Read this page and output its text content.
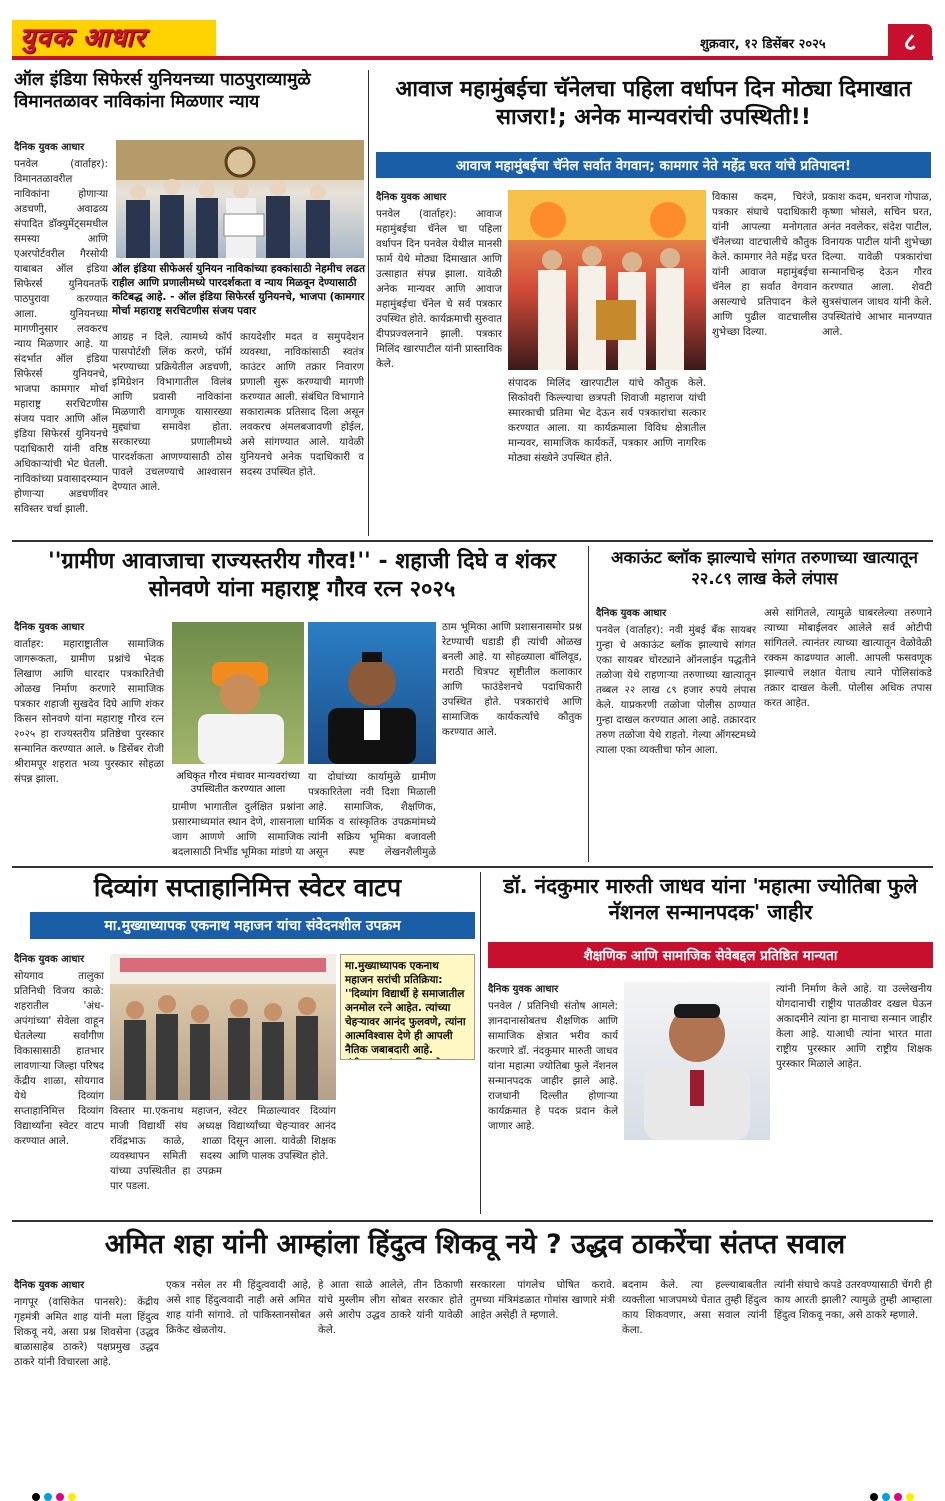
युवक आधार	शुक्रवार, १२ डिसेंबर २०२५	८
ऑल इंडिया सिफेरर्स युनियनच्या पाठपुराव्यामुळे विमानतळावर नाविकांना मिळणार न्याय
दैनिक युवक आधार
पनवेल (वार्ताहर): विमानतळावरील नाविकांना होणाऱ्या अडचणी, अवाढव्य संपादित डॉक्युमेंट्समधील समस्या आणि एअरपोर्टवरील गैरसोयी याबाबत ऑल इंडिया सिफेरर्स युनियनतर्फे पाठपुरावा करण्यात आला. युनियनच्या मागणीनुसार लवकरच न्याय मिळणार आहे. या संदर्भात ऑल इंडिया सिफेरर्स युनियनचे, भाजपा कामगार मोर्चा महाराष्ट्र सरचिटणीस संजय पवार आणि ऑल इंडिया सिफेरर्स युनियनचे पदाधिकारी यांनी वरिष्ठ अधिकाऱ्यांची भेट घेतली. नाविकांच्या प्रवासादरम्यान होणाऱ्या अडचणींवर सविस्तर चर्चा झाली.
ऑल इंडिया सीफेअर्स युनियन नाविकांच्या हक्कांसाठी नेहमीच लढत राहील आणि प्रणालीमध्ये पारदर्शकता व न्याय मिळवून देण्यासाठी कटिबद्ध आहे. - ऑल इंडिया सिफेरर्स युनियनचे, भाजपा (कामगार मोर्चा महाराष्ट्र सरचिटणीस संजय पवार
आग्रह न दिले. त्यामध्ये कॉर्प पासपोर्टशी लिंक करणे, फॉर्म भरण्याच्या प्रक्रियेतील अडचणी, इमिग्रेशन विभागातील विलंब आणि प्रवासी नाविकांना मिळणारी वागणूक यासारख्या मुद्द्यांचा समावेश होता. सरकारच्या प्रणालीमध्ये पारदर्शकता आणण्यासाठी ठोस पावले उचलण्याचे आश्वासन देण्यात आले.
कायदेशीर मदत व समुपदेशन व्यवस्था, नाविकांसाठी स्वतंत्र काउंटर आणि तक्रार निवारण प्रणाली सुरू करण्याची मागणी करण्यात आली. संबंधित विभागाने सकारात्मक प्रतिसाद दिला असून लवकरच अंमलबजावणी होईल, असे सांगण्यात आले. यावेळी युनियनचे अनेक पदाधिकारी व सदस्य उपस्थित होते.
आवाज महामुंबईचा चॅनेलचा पहिला वर्धापन दिन मोठ्या दिमाखात साजरा!; अनेक मान्यवरांची उपस्थिती!!
आवाज महामुंबईचा चॅनेल सर्वात वेगवान; कामगार नेते महेंद्र घरत यांचे प्रतिपादन!
दैनिक युवक आधार
पनवेल (वार्ताहर): आवाज महामुंबईचा चॅनेल चा पहिला वर्धापन दिन पनवेल येथील मानसी फार्म येथे मोठ्या दिमाखात आणि उत्साहात संपन्न झाला. यावेळी अनेक मान्यवर आणि आवाज महामुंबईचा चॅनेल चे सर्व पत्रकार उपस्थित होते. कार्यक्रमाची सुरुवात दीपप्रज्वलनाने झाली. पत्रकार मिलिंद खारपाटील यांनी प्रास्ताविक केले.
संपादक मिलिंद खारपाटील यांचे कौतुक केले. सिकोवरी किल्ल्याचा छत्रपती शिवाजी महाराज यांची स्मारकाची प्रतिमा भेट देऊन सर्व पत्रकारांचा सत्कार करण्यात आला. या कार्यक्रमाला विविध क्षेत्रातील मान्यवर, सामाजिक कार्यकर्ते, पत्रकार आणि नागरिक मोठ्या संख्येने उपस्थित होते.
विकास कदम, चिरंजे, पत्रकार संघाचे पदाधिकारी यांनी आपल्या मनोगतात चॅनेलच्या वाटचालीचे कौतुक केले. कामगार नेते महेंद्र घरत यांनी आवाज महामुंबईचा चॅनेल हा सर्वात वेगवान असल्याचे प्रतिपादन केले आणि पुढील वाटचालीस शुभेच्छा दिल्या.
प्रकाश कदम, धनराज गोपाळ, कृष्णा भोसले, सचिन घरत, अनंत नवलेकर, संदेश पाटील, विनायक पाटील यांनी शुभेच्छा दिल्या. यावेळी पत्रकारांचा सन्मानचिन्ह देऊन गौरव करण्यात आला. शेवटी सुत्रसंचालन जाधव यांनी केले. उपस्थितांचे आभार मानण्यात आले.
''ग्रामीण आवाजाचा राज्यस्तरीय गौरव!'' - शहाजी दिघे व शंकर सोनवणे यांना महाराष्ट्र गौरव रत्न २०२५
दैनिक युवक आधार
वार्ताहर: महाराष्ट्रातील सामाजिक जागरूकता, ग्रामीण प्रश्नांचे भेदक लिखाण आणि धारदार पत्रकारितेची ओळख निर्माण करणारे सामाजिक पत्रकार शहाजी सुखदेव दिघे आणि शंकर किसन सोनवणे यांना महाराष्ट्र गौरव रत्न २०२५ हा राज्यस्तरीय प्रतिष्ठेचा पुरस्कार सन्मानित करण्यात आले. ७ डिसेंबर रोजी श्रीरामपूर शहरात भव्य पुरस्कार सोहळा संपन्न झाला.	अधिकृत गौरव मंचावर मान्यवरांच्या उपस्थितीत करण्यात आला
ग्रामीण भागातील दुर्लक्षित प्रश्नांना प्रसारमाध्यमांत स्थान देणे, शासनाला जाग आणणे आणि सामाजिक बदलासाठी निर्भीड भूमिका मांडणे या
या दोघांच्या कार्यामुळे ग्रामीण पत्रकारितेला नवी दिशा मिळाली आहे. सामाजिक, शैक्षणिक, धार्मिक व सांस्कृतिक उपक्रमांमध्ये त्यांनी सक्रिय भूमिका बजावली असून स्पष्ट लेखनशैलीमुळे
ठाम भूमिका आणि प्रशासनासमोर प्रश्न रेटण्याची धडाडी ही त्यांची ओळख बनली आहे. या सोहळ्याला बॉलिवूड, मराठी चित्रपट सृष्टीतील कलाकार आणि फाउंडेशनचे पदाधिकारी उपस्थित होते. पत्रकारांचे आणि सामाजिक कार्यकर्त्यांचे कौतुक करण्यात आले.
अकाऊंट ब्लॉक झाल्याचे सांगत तरुणाच्या खात्यातून २२.८९ लाख केले लंपास
दैनिक युवक आधार
पनवेल (वार्ताहर): नवी मुंबई बँक सायबर गुन्हा चे अकाऊंट ब्लॉक झाल्याचे सांगत एका सायबर चोरट्याने ऑनलाईन पद्धतीने तळोजा येथे राहणाऱ्या तरुणाच्या खात्यातून तब्बल २२ लाख ८९ हजार रुपये लंपास केले. याप्रकरणी तळोजा पोलीस ठाण्यात गुन्हा दाखल करण्यात आला आहे. तक्रारदार तरुण तळोजा येथे राहतो. गेल्या ऑगस्टमध्ये त्याला एका व्यक्तीचा फोन आला.
असे सांगितले, त्यामुळे घाबरलेल्या तरुणाने त्याच्या मोबाईलवर आलेले सर्व ओटीपी सांगितले. त्यानंतर त्याच्या खात्यातून वेळोवेळी रक्कम काढण्यात आली. आपली फसवणूक झाल्याचे लक्षात येताच त्याने पोलिसांकडे तक्रार दाखल केली. पोलीस अधिक तपास करत आहेत.
दिव्यांग सप्ताहानिमित्त स्वेटर वाटप
मा.मुख्याध्यापक एकनाथ महाजन यांचा संवेदनशील उपक्रम
दैनिक युवक आधार
सोयगाव तालुका प्रतिनिधी विजय काळे: शहरातील 'अंध-अपंगांच्या' सेवेला वाहून घेतलेल्या सर्वांगीण विकासासाठी हातभार लावणाऱ्या जिल्हा परिषद केंद्रीय शाळा, सोयगाव येथे दिव्यांग सप्ताहानिमित्त दिव्यांग विद्यार्थ्यांना स्वेटर वाटप करण्यात आले.
मा.मुख्याध्यापक एकनाथ महाजन सरांची प्रतिक्रिया: ''दिव्यांग विद्यार्थी हे समाजातील अनमोल रत्ने आहेत. त्यांच्या चेहऱ्यावर आनंद फुलवणे, त्यांना आत्मविश्वास देणे ही आपली नैतिक जबाबदारी आहे.
विस्तार मा.एकनाथ महाजन, माजी विद्यार्थी संघ अध्यक्ष रविंद्रभाऊ काळे, शाळा व्यवस्थापन समिती सदस्य यांच्या उपस्थितीत हा उपक्रम पार पडला.
स्वेटर मिळाल्यावर दिव्यांग विद्यार्थ्यांच्या चेहऱ्यावर आनंद दिसून आला. यावेळी शिक्षक आणि पालक उपस्थित होते.
डॉ. नंदकुमार मारुती जाधव यांना 'महात्मा ज्योतिबा फुले नॅशनल सन्मानपदक' जाहीर
शैक्षणिक आणि सामाजिक सेवेबद्दल प्रतिष्ठित मान्यता
दैनिक युवक आधार
पनवेल / प्रतिनिधी संतोष आमले: ज्ञानदानासोबतच शैक्षणिक आणि सामाजिक क्षेत्रात भरीव कार्य करणारे डॉ. नंदकुमार मारुती जाधव यांना महात्मा ज्योतिबा फुले नॅशनल सन्मानपदक जाहीर झाले आहे. राजधानी दिल्लीत होणाऱ्या कार्यक्रमात हे पदक प्रदान केले जाणार आहे.
त्यांनी निर्माण केले आहे. या उल्लेखनीय योगदानाची राष्ट्रीय पातळीवर दखल घेऊन अकादमीने त्यांना हा मानाचा सन्मान जाहीर केला आहे. याआधी त्यांना भारत माता राष्ट्रीय पुरस्कार आणि राष्ट्रीय शिक्षक पुरस्कार मिळाले आहेत.
अमित शहा यांनी आम्हांला हिंदुत्व शिकवू नये ? उद्धव ठाकरेंचा संतप्त सवाल
दैनिक युवक आधार
नागपूर (वासिकेत पानसरे): केंद्रीय गृहमंत्री अमित शाह यांनी मला हिंदुत्व शिकवू नये, असा प्रश्न शिवसेना (उद्धव बाळासाहेब ठाकरे) पक्षप्रमुख उद्धव ठाकरे यांनी विचारला आहे.
एकत्र नसेल तर मी हिंदुत्ववादी आहे, असे शाह हिंदुत्ववादी नाही असे अमित शाह यांनी सांगावे. तो पाकिस्तानसोबत क्रिकेट खेळतोय.
हे आता साळे आलेले, तीन ठिकाणी यांचे मुस्लीम लीग सोबत सरकार होते असे आरोप उद्धव ठाकरे यांनी यावेळी केले.
सरकारला पांगलेच घोषित करावे. तुमच्या मंत्रिमंडळात गोमांस खाणारे मंत्री आहेत असेही ते म्हणाले.
बदनाम केले. त्या हल्ल्याबाबतीत व्यक्तीला भाजपमध्ये घेतात तुम्ही हिंदुत्व काय शिकवणार, असा सवाल त्यांनी केला.
त्यांनी संघाचे कपडे उतरवण्यासाठी चेंगरी ही काय आरती झाली? त्यामुळे तुम्ही आम्हाला हिंदुत्व शिकवू नका, असे ठाकरे म्हणाले.
